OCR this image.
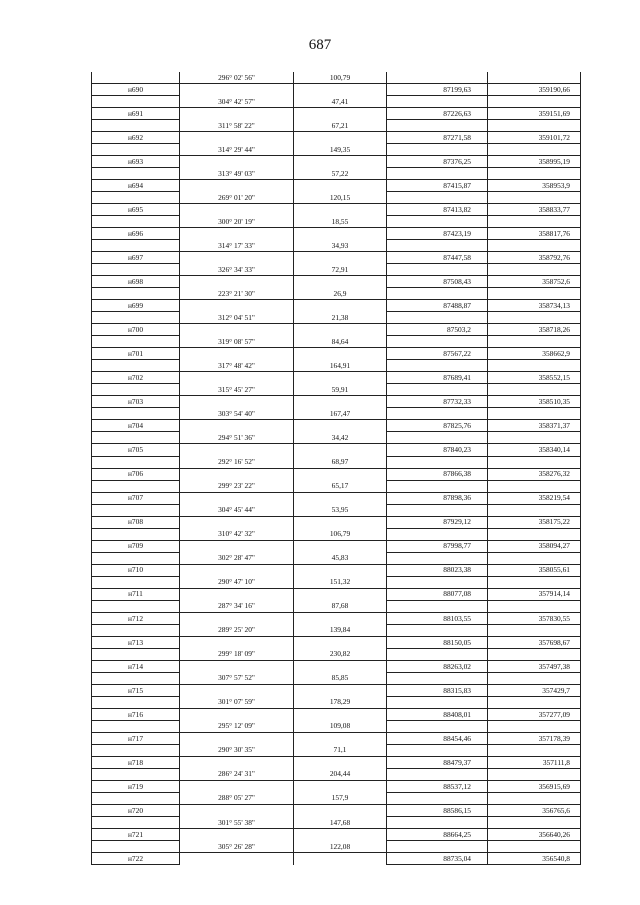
687
	296° 02' 56"	100,79		
н690			87199,63	359190,66
	304° 42' 57"	47,41		
н691			87226,63	359151,69
	311° 58' 22"	67,21		
н692			87271,58	359101,72
	314° 29' 44"	149,35		
н693			87376,25	358995,19
	313° 49' 03"	57,22		
н694			87415,87	358953,9
	269° 01' 20"	120,15		
н695			87413,82	358833,77
	300° 20' 19"	18,55		
н696			87423,19	358817,76
	314° 17' 33"	34,93		
н697			87447,58	358792,76
	326° 34' 33"	72,91		
н698			87508,43	358752,6
	223° 21' 30"	26,9		
н699			87488,87	358734,13
	312° 04' 51"	21,38		
н700			87503,2	358718,26
	319° 08' 57"	84,64		
н701			87567,22	358662,9
	317° 48' 42"	164,91		
н702			87689,41	358552,15
	315° 45' 27"	59,91		
н703			87732,33	358510,35
	303° 54' 40"	167,47		
н704			87825,76	358371,37
	294° 51' 36"	34,42		
н705			87840,23	358340,14
	292° 16' 52"	68,97		
н706			87866,38	358276,32
	299° 23' 22"	65,17		
н707			87898,36	358219,54
	304° 45' 44"	53,95		
н708			87929,12	358175,22
	310° 42' 32"	106,79		
н709			87998,77	358094,27
	302° 28' 47"	45,83		
н710			88023,38	358055,61
	290° 47' 10"	151,32		
н711			88077,08	357914,14
	287° 34' 16"	87,68		
н712			88103,55	357830,55
	289° 25' 20"	139,84		
н713			88150,05	357698,67
	299° 18' 09"	230,82		
н714			88263,02	357497,38
	307° 57' 52"	85,85		
н715			88315,83	357429,7
	301° 07' 59"	178,29		
н716			88408,01	357277,09
	295° 12' 09"	109,08		
н717			88454,46	357178,39
	290° 30' 35"	71,1		
н718			88479,37	357111,8
	286° 24' 31"	204,44		
н719			88537,12	356915,69
	288° 05' 27"	157,9		
н720			88586,15	356765,6
	301° 55' 38"	147,68		
н721			88664,25	356640,26
	305° 26' 28"	122,08		
н722			88735,04	356540,8
